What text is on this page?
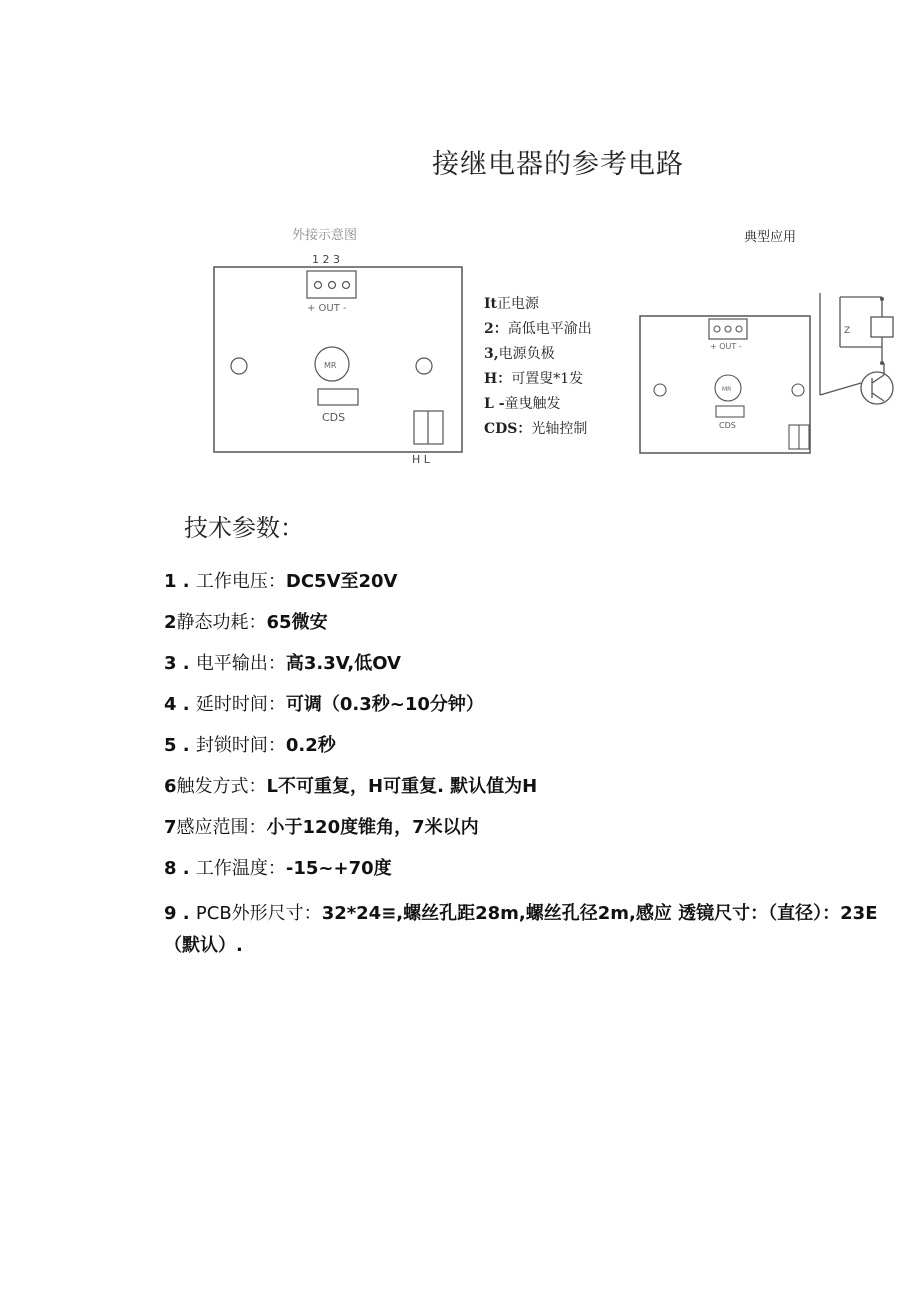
接继电器的参考电路
外接示意图
1 2 3
+ OUT -
MR
CDS
H L
It正电源
2：高低电平渝出
3,电源负极
H：可置叟*1发
L -童曳触发
CDS：光轴控制
典型应用
+ OUT -
MR
CDS
Z
技术参数：
1 . 工作电压：DC5V至20V
2静态功耗：65微安
3 . 电平输出：高3.3V,低OV
4 . 延时时间：可调（0.3秒~10分钟）
5 . 封锁时间：0.2秒
6触发方式：L不可重复，H可重复. 默认值为H
7感应范围：小于120度锥角，7米以内
8 . 工作温度：-15~+70度
9 . PCB外形尺寸：32*24≡,螺丝孔距28m,螺丝孔径2m,感应 透镜尺寸：（直径）：23E（默认）.
